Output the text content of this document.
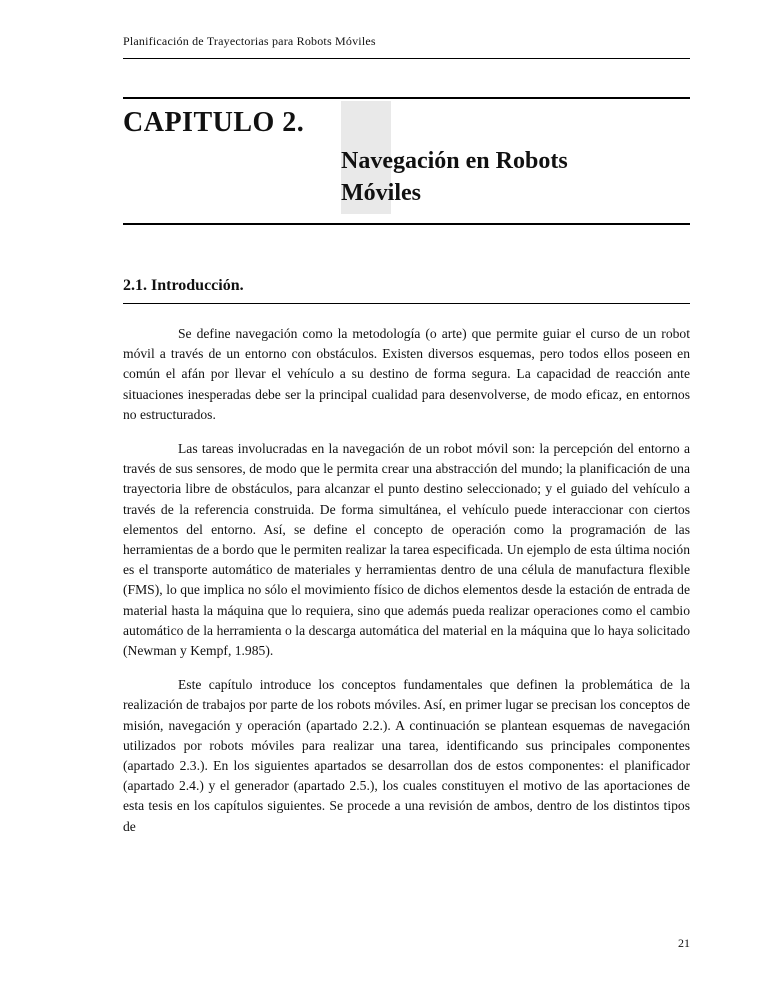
Planificación de Trayectorias para Robots Móviles
CAPITULO 2.
Navegación en Robots Móviles
2.1. Introducción.

Se define navegación como la metodología (o arte) que permite guiar el curso de un robot móvil a través de un entorno con obstáculos. Existen diversos esquemas, pero todos ellos poseen en común el afán por llevar el vehículo a su destino de forma segura. La capacidad de reacción ante situaciones inesperadas debe ser la principal cualidad para desenvolverse, de modo eficaz, en entornos no estructurados.

Las tareas involucradas en la navegación de un robot móvil son: la percepción del entorno a través de sus sensores, de modo que le permita crear una abstracción del mundo; la planificación de una trayectoria libre de obstáculos, para alcanzar el punto destino seleccionado; y el guiado del vehículo a través de la referencia construida. De forma simultánea, el vehículo puede interaccionar con ciertos elementos del entorno. Así, se define el concepto de operación como la programación de las herramientas de a bordo que le permiten realizar la tarea especificada. Un ejemplo de esta última noción es el transporte automático de materiales y herramientas dentro de una célula de manufactura flexible (FMS), lo que implica no sólo el movimiento físico de dichos elementos desde la estación de entrada de material hasta la máquina que lo requiera, sino que además pueda realizar operaciones como el cambio automático de la herramienta o la descarga automática del material en la máquina que lo haya solicitado (Newman y Kempf, 1.985).

Este capítulo introduce los conceptos fundamentales que definen la problemática de la realización de trabajos por parte de los robots móviles. Así, en primer lugar se precisan los conceptos de misión, navegación y operación (apartado 2.2.). A continuación se plantean esquemas de navegación utilizados por robots móviles para realizar una tarea, identificando sus principales componentes (apartado 2.3.). En los siguientes apartados se desarrollan dos de estos componentes: el planificador (apartado 2.4.) y el generador (apartado 2.5.), los cuales constituyen el motivo de las aportaciones de esta tesis en los capítulos siguientes. Se procede a una revisión de ambos, dentro de los distintos tipos de

21
